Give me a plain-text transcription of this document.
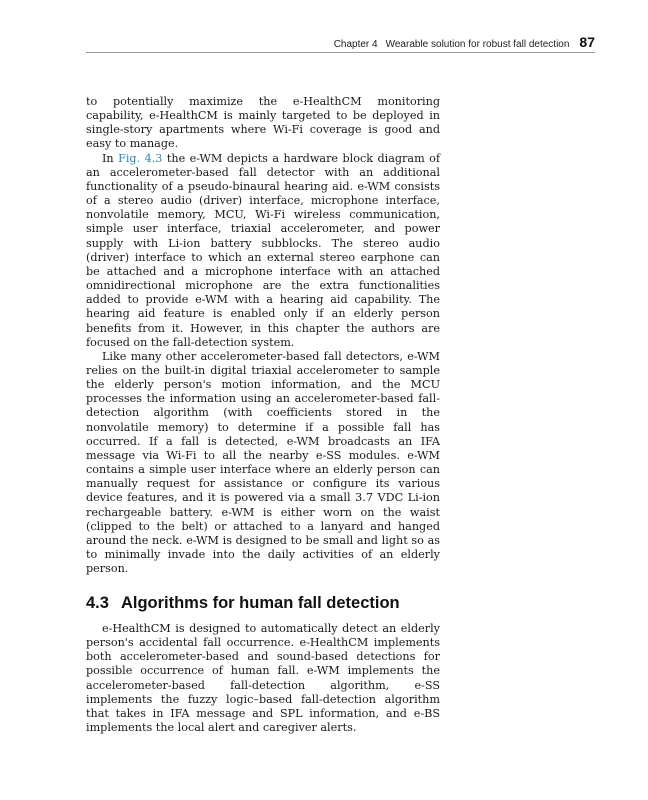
Chapter 4 Wearable solution for robust fall detection 87

to potentially maximize the e-HealthCM monitoring capability, e-HealthCM is mainly targeted to be deployed in single-story apartments where Wi-Fi coverage is good and easy to manage.

In Fig. 4.3 the e-WM depicts a hardware block diagram of an accelerometer-based fall detector with an additional functionality of a pseudo-binaural hearing aid. e-WM consists of a stereo audio (driver) interface, microphone interface, nonvolatile memory, MCU, Wi-Fi wireless communication, simple user interface, triaxial accelerometer, and power supply with Li-ion battery subblocks. The stereo audio (driver) interface to which an external stereo earphone can be attached and a microphone interface with an attached omnidirectional microphone are the extra functionalities added to provide e-WM with a hearing aid capability. The hearing aid feature is enabled only if an elderly person benefits from it. However, in this chapter the authors are focused on the fall-detection system.

Like many other accelerometer-based fall detectors, e-WM relies on the built-in digital triaxial accelerometer to sample the elderly person's motion information, and the MCU processes the information using an accelerometer-based fall-detection algorithm (with coefficients stored in the nonvolatile memory) to determine if a possible fall has occurred. If a fall is detected, e-WM broadcasts an IFA message via Wi-Fi to all the nearby e-SS modules. e-WM contains a simple user interface where an elderly person can manually request for assistance or configure its various device features, and it is powered via a small 3.7 VDC Li-ion rechargeable battery. e-WM is either worn on the waist (clipped to the belt) or attached to a lanyard and hanged around the neck. e-WM is designed to be small and light so as to minimally invade into the daily activities of an elderly person.

4.3 Algorithms for human fall detection

e-HealthCM is designed to automatically detect an elderly person's accidental fall occurrence. e-HealthCM implements both accelerometer-based and sound-based detections for possible occurrence of human fall. e-WM implements the accelerometer-based fall-detection algorithm, e-SS implements the fuzzy logic–based fall-detection algorithm that takes in IFA message and SPL information, and e-BS implements the local alert and caregiver alerts.
